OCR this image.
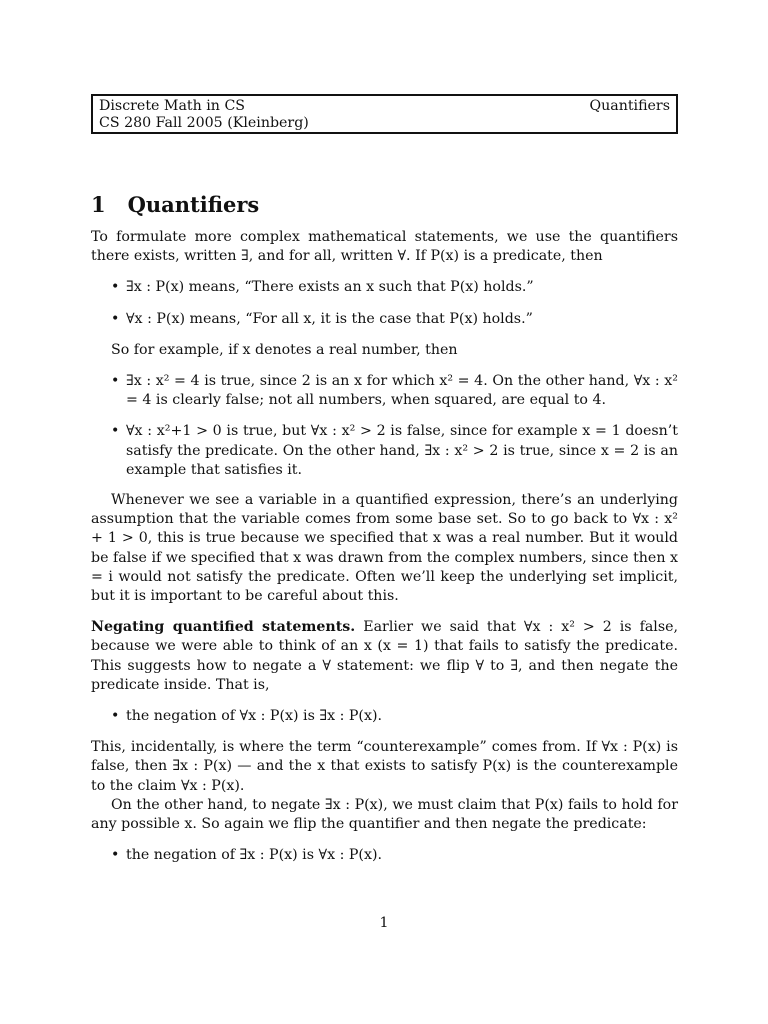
Discrete Math in CS
CS 280 Fall 2005 (Kleinberg)
Quantifiers
1 Quantifiers

To formulate more complex mathematical statements, we use the quantifiers there exists, written ∃, and for all, written ∀. If P(x) is a predicate, then

• ∃x : P(x) means, “There exists an x such that P(x) holds.”
• ∀x : P(x) means, “For all x, it is the case that P(x) holds.”

So for example, if x denotes a real number, then

• ∃x : x² = 4 is true, since 2 is an x for which x² = 4. On the other hand, ∀x : x² = 4 is clearly false; not all numbers, when squared, are equal to 4.
• ∀x : x²+1 > 0 is true, but ∀x : x² > 2 is false, since for example x = 1 doesn’t satisfy the predicate. On the other hand, ∃x : x² > 2 is true, since x = 2 is an example that satisfies it.

Whenever we see a variable in a quantified expression, there’s an underlying assumption that the variable comes from some base set. So to go back to ∀x : x² + 1 > 0, this is true because we specified that x was a real number. But it would be false if we specified that x was drawn from the complex numbers, since then x = i would not satisfy the predicate. Often we’ll keep the underlying set implicit, but it is important to be careful about this.

Negating quantified statements. Earlier we said that ∀x : x² > 2 is false, because we were able to think of an x (x = 1) that fails to satisfy the predicate. This suggests how to negate a ∀ statement: we flip ∀ to ∃, and then negate the predicate inside. That is,

• the negation of ∀x : P(x) is ∃x : P(x).

This, incidentally, is where the term “counterexample” comes from. If ∀x : P(x) is false, then ∃x : P(x) — and the x that exists to satisfy P(x) is the counterexample to the claim ∀x : P(x).

On the other hand, to negate ∃x : P(x), we must claim that P(x) fails to hold for any possible x. So again we flip the quantifier and then negate the predicate:

• the negation of ∃x : P(x) is ∀x : P(x).
1
